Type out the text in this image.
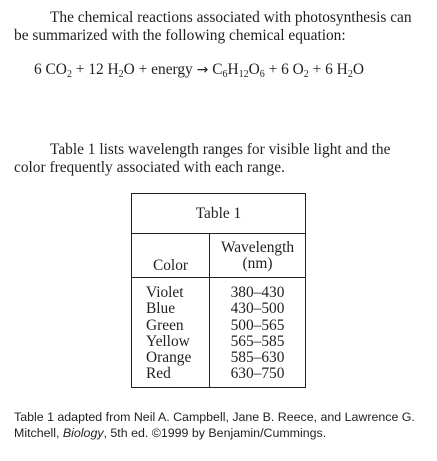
The chemical reactions associated with photosynthesis can be summarized with the following chemical equation:

6 $CO_2 + 12$ $H_2O$ + energy → $C_6H_{12}O_6 + 6$ $O_2 + 6$ $H_2O$

Table 1 lists wavelength ranges for visible light and the color frequently associated with each range.

Table 1
Color
Wavelength
(nm)
Violet
Blue
Green
Yellow
Orange
Red
380–430
430–500
500–565
565–585
585–630
630–750

Table 1 adapted from Neil A. Campbell, Jane B. Reece, and Lawrence G. Mitchell, Biology, 5th ed. ©1999 by Benjamin/Cummings.
